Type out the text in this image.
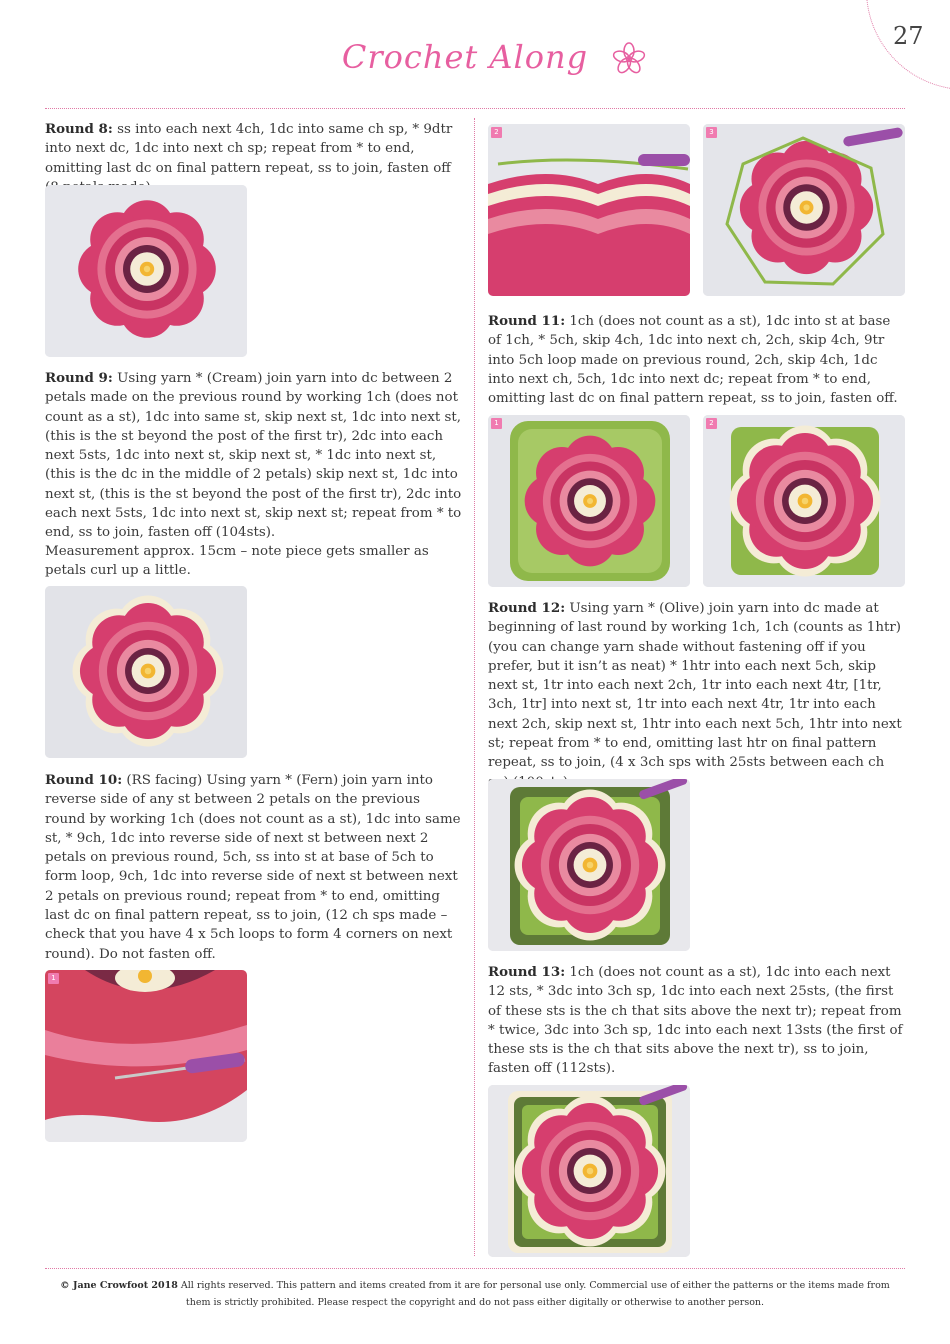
27
Crochet Along

Round 8: ss into each next 4ch, 1dc into same ch sp, * 9dtr into next dc, 1dc into next ch sp; repeat from * to end, omitting last dc on final pattern repeat, ss to join, fasten off

Round 9: Using yarn * (Cream) join yarn into dc between 2 petals made on the previous round by working 1ch (does not count as a st), 1dc into same st, skip next st, 1dc into next st, (this is the st beyond the post of the first tr), 2dc into each next 5sts, 1dc into next st, skip next st, * 1dc into next st, (this is the dc in the middle of 2 petals) skip next st, 1dc into next st, (this is the st beyond the post of the first tr), 2dc into each next 5sts, 1dc into next st, skip next st; repeat from * to end, ss to join, fasten off (104sts).

Measurement approx. 15cm – note piece gets smaller as petals curl up a little.

Round 10: (RS facing) Using yarn * (Fern) join yarn into reverse side of any st between 2 petals on the previous round by working 1ch (does not count as a st), 1dc into same st, * 9ch, 1dc into reverse side of next st between next 2 petals on previous round, 5ch, ss into st at base of 5ch to form loop, 9ch, 1dc into reverse side of next st between next 2 petals on previous round; repeat from * to end, omitting last dc on final pattern repeat, ss to join, (12 ch sps made – check that you have 4 x 5ch loops to form 4 corners on next round). Do not fasten off.

1
2	3

Round 11: 1ch (does not count as a st), 1dc into st at base of 1ch, * 5ch, skip 4ch, 1dc into next ch, 2ch, skip 4ch, 9tr into 5ch loop made on previous round, 2ch, skip 4ch, 1dc into next ch, 5ch, 1dc into next dc; repeat from * to end, omitting last dc on final pattern repeat, ss to join, fasten off.

1	2

Round 12: Using yarn * (Olive) join yarn into dc made at beginning of last round by working 1ch, 1ch (counts as 1htr) (you can change yarn shade without fastening off if you prefer, but it isn’t as neat) * 1htr into each next 5ch, skip next st, 1tr into each next 2ch, 1tr into each next 4tr, [1tr, 3ch, 1tr] into next st, 1tr into each next 4tr, 1tr into each next 2ch, skip next st, 1htr into each next 5ch, 1htr into next st; repeat from * to end, omitting last htr on final pattern repeat, ss to join, (4 x 3ch sps with 25sts between each ch

Round 13: 1ch (does not count as a st), 1dc into each next 12 sts, * 3dc into 3ch sp, 1dc into each next 25sts, (the first of these sts is the ch that sits above the next tr); repeat from * twice, 3dc into 3ch sp, 1dc into each next 13sts (the first of these sts is the ch that sits above the next tr), ss to join, fasten off (112sts).

© Jane Crowfoot 2018 All rights reserved. This pattern and items created from it are for personal use only. Commercial use of either the patterns or the items made from them is strictly prohibited. Please respect the copyright and do not pass either digitally or otherwise to another person.
